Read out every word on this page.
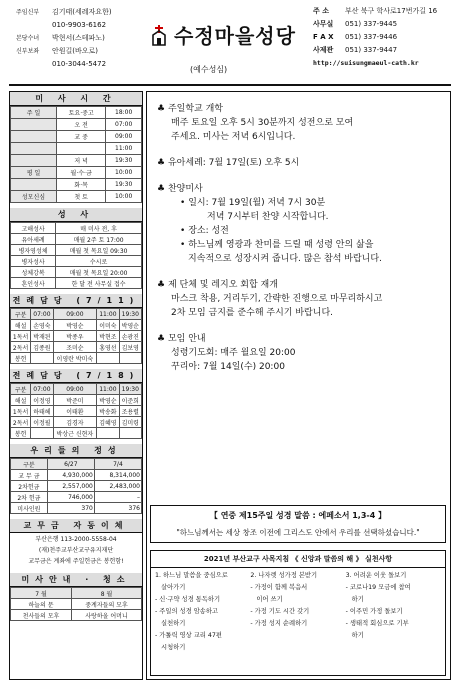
주임신부	김기태(세레자요한)
010-9903-6162
본당수녀	박현서(스테파노)
신부보좌	안원길(바오로)
010-3044-5472
수정마을성당
(예수성심)
주 소	부산 북구 학사로17번가길 16
사무실	051) 337-9445
F A X	051) 337-9446
사제관	051) 337-9447
http://suisungmaeul-cath.kr
미 사 시 간
주 일	토요·중고	18:00
	오 전	07:00
	교 중	09:00
		11:00
	저 녁	19:30
평 일	월·수·금	10:00
	화·목	19:30
성모신심	첫 토	10:00
성 사
고해성사	매 미사 전, 후
유아세례	매월 2주 토 17:00
병자영성체	매월 첫 목요일 09:30
병자성사	수시로
성체강복	매월 첫 목요일 20:00
혼인성사	한 달 전 사무실 접수
전례담당 (7/11)
구분	07:00	09:00	11:00	19:30
해설	손영숙	박영순	이미숙	박영순
1독서	박재된	박종우	박현조	손광진
2독서	김종원	조미순	홍영선	김보영
봉헌		이영란 박미숙		
전례담당 (7/18)
구분	07:00	09:00	11:00	19:30
해설	이정영	박준미	박영순	이준희
1독서	하태헤	이태환	박송화	조용렬
2독서	이정필	김경자	김혜영	김미령
봉헌		박상근 신현자		
우리들의 정성
구분	6/27	7/4
교 무 금	4,930,000	8,314,000
2차헌금	2,557,000	2,483,000
2차 헌금	746,000	–
미사인원	370	376
교무금 자동이체
부산은행 113-2000-5558-04
(재)천주교부산교구유지재단
교무금은 계좌에 주일헌금은 봉헌함!
미사안내 · 청소
7 월	8 월
하늘의 문	중계자들의 모후
천사들의 모후	사랑하올 어머니
♣ 주일학교 개학
매주 토요일 오후 5시 30분까지 성전으로 모여
주세요. 미사는 저녁 6시입니다.
♣ 유아세례: 7월 17일(토) 오후 5시
♣ 찬양미사
• 일시: 7월 19일(월) 저녁 7시 30분
저녁 7시부터 찬양 시작합니다.
• 장소: 성전
• 하느님께 영광과 찬미를 드릴 때 성령 안의 삶을
지속적으로 성장시켜 줍니다. 많은 참석 바랍니다.
♣ 제 단체 및 레지오 회합 재개
마스크 착용, 거리두기, 간략한 진행으로 마무리하시고
2차 모임 금지를 준수해 주시기 바랍니다.
♣ 모임 안내
성령기도회: 매주 월요일 20:00
꾸리아: 7월 14일(수) 20:00
【 연중 제15주일 성경 말씀 : 에페소서 1,3-4 】
"하느님께서는 세상 창조 이전에 그리스도 안에서 우리를 선택하셨습니다."
2021년 부산교구 사목지침 《 신앙과 말씀의 해 》 실천사항
1. 하느님 말씀을 중심으로
살아가기
- 신·구약 성경 통독하기
- 주일의 성경 암송하고
실천하기
- 가톨릭 영상 교리 47편
시청하기
2. 나자렛 성가정 본받기
- 가정이 함께 복음서
이어 쓰기
- 가정 기도 시간 갖기
- 가정 성지 순례하기
3. 어려운 이웃 돌보기
- 코로나19 모금에 참여
하기
- 이주민 가정 돌보기
- 생태적 회심으로 기부
하기
